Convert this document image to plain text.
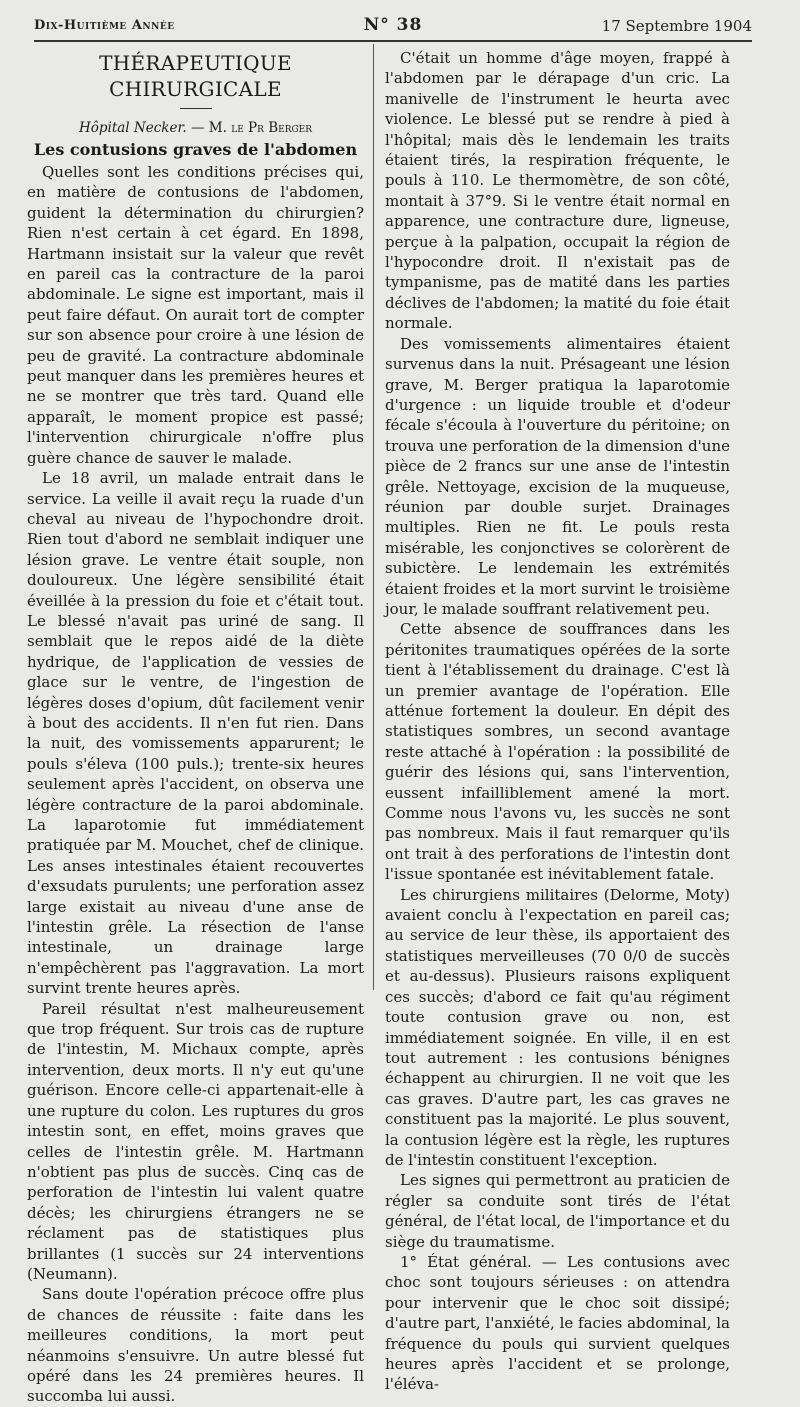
Dix-Huitième Année	N° 38	17 Septembre 1904
THÉRAPEUTIQUE CHIRURGICALE
Hôpital Necker. — M. le Pr Berger
Les contusions graves de l'abdomen

Quelles sont les conditions précises qui, en matière de contusions de l'abdomen, guident la détermination du chirurgien? Rien n'est certain à cet égard. En 1898, Hartmann insistait sur la valeur que revêt en pareil cas la contracture de la paroi abdominale. Le signe est important, mais il peut faire défaut. On aurait tort de compter sur son absence pour croire à une lésion de peu de gravité. La contracture abdominale peut manquer dans les premières heures et ne se montrer que très tard. Quand elle apparaît, le moment propice est passé; l'intervention chirurgicale n'offre plus guère chance de sauver le malade.

Le 18 avril, un malade entrait dans le service. La veille il avait reçu la ruade d'un cheval au niveau de l'hypochondre droit. Rien tout d'abord ne semblait indiquer une lésion grave. Le ventre était souple, non douloureux. Une légère sensibilité était éveillée à la pression du foie et c'était tout. Le blessé n'avait pas uriné de sang. Il semblait que le repos aidé de la diète hydrique, de l'application de vessies de glace sur le ventre, de l'ingestion de légères doses d'opium, dût facilement venir à bout des accidents. Il n'en fut rien. Dans la nuit, des vomissements apparurent; le pouls s'éleva (100 puls.); trente-six heures seulement après l'accident, on observa une légère contracture de la paroi abdominale. La laparotomie fut immédiatement pratiquée par M. Mouchet, chef de clinique. Les anses intestinales étaient recouvertes d'exsudats purulents; une perforation assez large existait au niveau d'une anse de l'intestin grêle. La résection de l'anse intestinale, un drainage large n'empêchèrent pas l'aggravation. La mort survint trente heures après.

Pareil résultat n'est malheureusement que trop fréquent. Sur trois cas de rupture de l'intestin, M. Michaux compte, après intervention, deux morts. Il n'y eut qu'une guérison. Encore celle-ci appartenait-elle à une rupture du colon. Les ruptures du gros intestin sont, en effet, moins graves que celles de l'intestin grêle. M. Hartmann n'obtient pas plus de succès. Cinq cas de perforation de l'intestin lui valent quatre décès; les chirurgiens étrangers ne se réclament pas de statistiques plus brillantes (1 succès sur 24 interventions (Neumann).

Sans doute l'opération précoce offre plus de chances de réussite : faite dans les meilleures conditions, la mort peut néanmoins s'ensuivre. Un autre blessé fut opéré dans les 24 premières heures. Il succomba lui aussi.

C'était un homme d'âge moyen, frappé à l'abdomen par le dérapage d'un cric. La manivelle de l'instrument le heurta avec violence. Le blessé put se rendre à pied à l'hôpital; mais dès le lendemain les traits étaient tirés, la respiration fréquente, le pouls à 110. Le thermomètre, de son côté, montait à 37°9. Si le ventre était normal en apparence, une contracture dure, ligneuse, perçue à la palpation, occupait la région de l'hypocondre droit. Il n'existait pas de tympanisme, pas de matité dans les parties déclives de l'abdomen; la matité du foie était normale.

Des vomissements alimentaires étaient survenus dans la nuit. Présageant une lésion grave, M. Berger pratiqua la laparotomie d'urgence : un liquide trouble et d'odeur fécale s'écoula à l'ouverture du péritoine; on trouva une perforation de la dimension d'une pièce de 2 francs sur une anse de l'intestin grêle. Nettoyage, excision de la muqueuse, réunion par double surjet. Drainages multiples. Rien ne fit. Le pouls resta misérable, les conjonctives se colorèrent de subictère. Le lendemain les extrémités étaient froides et la mort survint le troisième jour, le malade souffrant relativement peu.

Cette absence de souffrances dans les péritonites traumatiques opérées de la sorte tient à l'établissement du drainage. C'est là un premier avantage de l'opération. Elle atténue fortement la douleur. En dépit des statistiques sombres, un second avantage reste attaché à l'opération : la possibilité de guérir des lésions qui, sans l'intervention, eussent infailliblement amené la mort. Comme nous l'avons vu, les succès ne sont pas nombreux. Mais il faut remarquer qu'ils ont trait à des perforations de l'intestin dont l'issue spontanée est inévitablement fatale.

Les chirurgiens militaires (Delorme, Moty) avaient conclu à l'expectation en pareil cas; au service de leur thèse, ils apportaient des statistiques merveilleuses (70 0/0 de succès et au-dessus). Plusieurs raisons expliquent ces succès; d'abord ce fait qu'au régiment toute contusion grave ou non, est immédiatement soignée. En ville, il en est tout autrement : les contusions bénignes échappent au chirurgien. Il ne voit que les cas graves. D'autre part, les cas graves ne constituent pas la majorité. Le plus souvent, la contusion légère est la règle, les ruptures de l'intestin constituent l'exception.

Les signes qui permettront au praticien de régler sa conduite sont tirés de l'état général, de l'état local, de l'importance et du siège du traumatisme.

1° État général. — Les contusions avec choc sont toujours sérieuses : on attendra pour intervenir que le choc soit dissipé; d'autre part, l'anxiété, le facies abdominal, la fréquence du pouls qui survient quelques heures après l'accident et se prolonge, l'éléva-
